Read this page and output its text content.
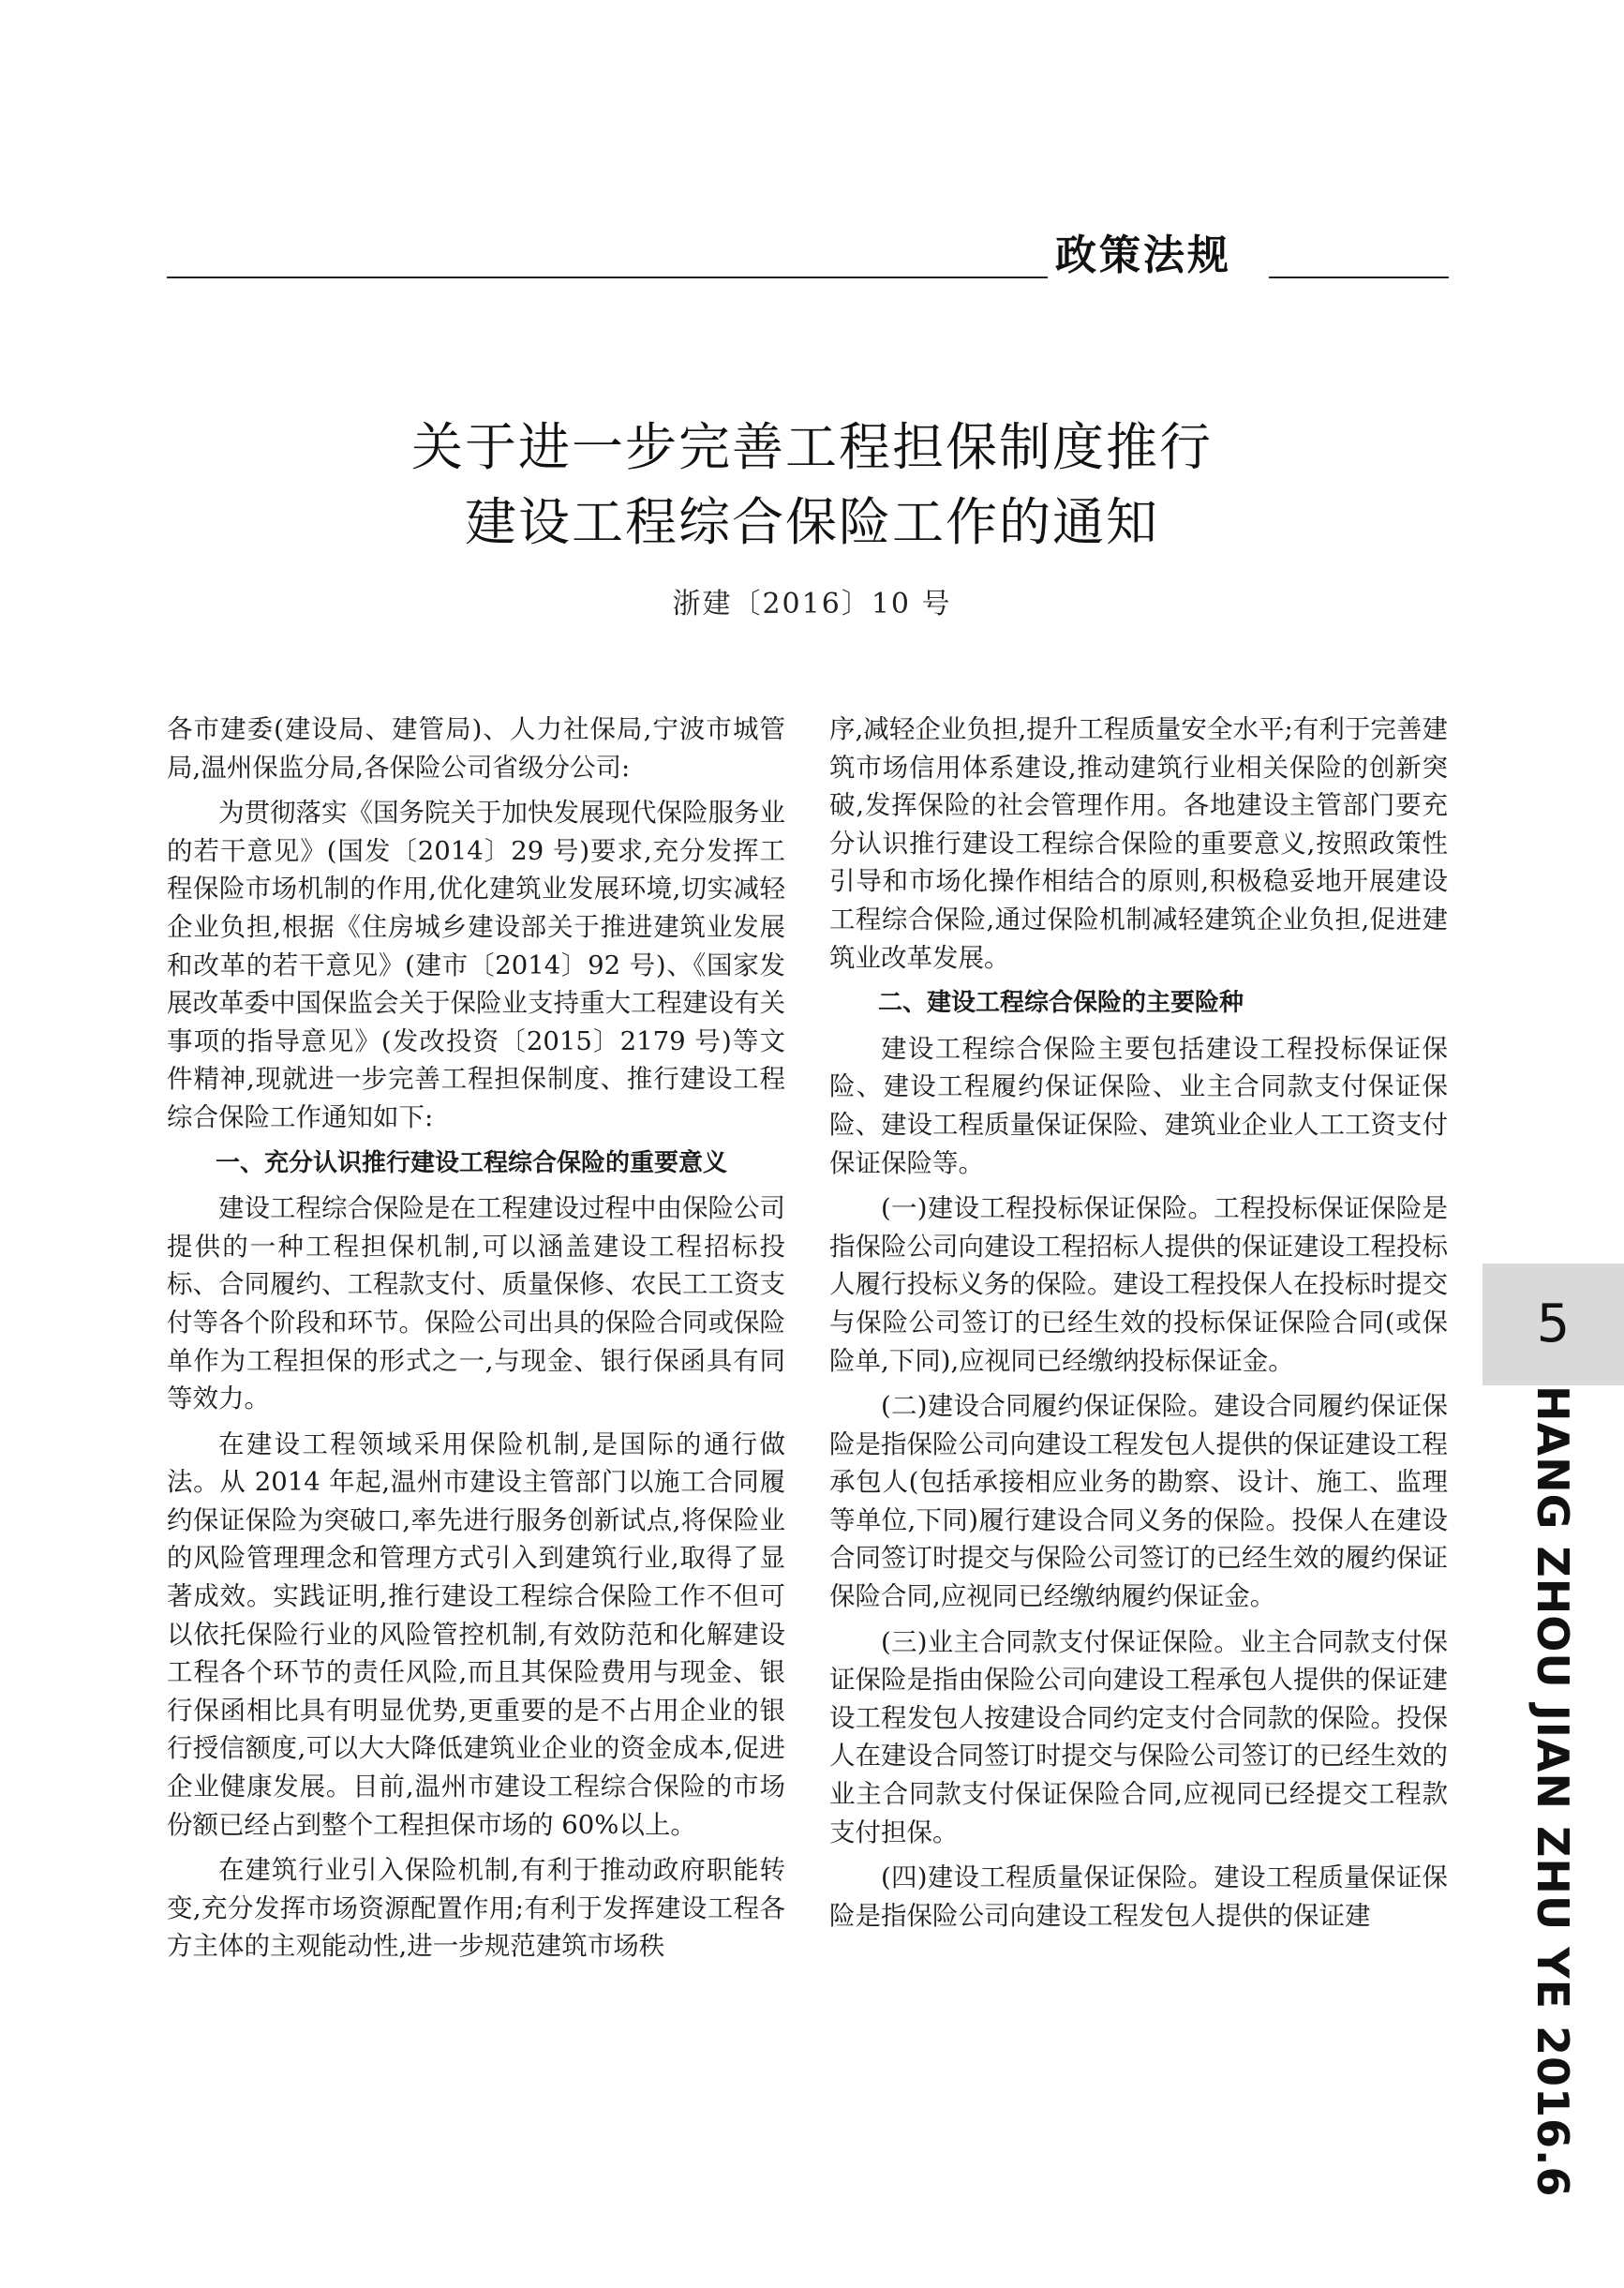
政策法规
关于进一步完善工程担保制度推行
建设工程综合保险工作的通知
浙建〔2016〕10 号

各市建委(建设局、建管局)、人力社保局,宁波市城管局,温州保监分局,各保险公司省级分公司:

为贯彻落实《国务院关于加快发展现代保险服务业的若干意见》(国发〔2014〕29 号)要求,充分发挥工程保险市场机制的作用,优化建筑业发展环境,切实减轻企业负担,根据《住房城乡建设部关于推进建筑业发展和改革的若干意见》(建市〔2014〕92 号)、《国家发展改革委中国保监会关于保险业支持重大工程建设有关事项的指导意见》(发改投资〔2015〕2179 号)等文件精神,现就进一步完善工程担保制度、推行建设工程综合保险工作通知如下:

一、充分认识推行建设工程综合保险的重要意义

建设工程综合保险是在工程建设过程中由保险公司提供的一种工程担保机制,可以涵盖建设工程招标投标、合同履约、工程款支付、质量保修、农民工工资支付等各个阶段和环节。保险公司出具的保险合同或保险单作为工程担保的形式之一,与现金、银行保函具有同等效力。

在建设工程领域采用保险机制,是国际的通行做法。从 2014 年起,温州市建设主管部门以施工合同履约保证保险为突破口,率先进行服务创新试点,将保险业的风险管理理念和管理方式引入到建筑行业,取得了显著成效。实践证明,推行建设工程综合保险工作不但可以依托保险行业的风险管控机制,有效防范和化解建设工程各个环节的责任风险,而且其保险费用与现金、银行保函相比具有明显优势,更重要的是不占用企业的银行授信额度,可以大大降低建筑业企业的资金成本,促进企业健康发展。目前,温州市建设工程综合保险的市场份额已经占到整个工程担保市场的 60%以上。

在建筑行业引入保险机制,有利于推动政府职能转变,充分发挥市场资源配置作用;有利于发挥建设工程各方主体的主观能动性,进一步规范建筑市场秩

序,减轻企业负担,提升工程质量安全水平;有利于完善建筑市场信用体系建设,推动建筑行业相关保险的创新突破,发挥保险的社会管理作用。各地建设主管部门要充分认识推行建设工程综合保险的重要意义,按照政策性引导和市场化操作相结合的原则,积极稳妥地开展建设工程综合保险,通过保险机制减轻建筑企业负担,促进建筑业改革发展。

二、建设工程综合保险的主要险种

建设工程综合保险主要包括建设工程投标保证保险、建设工程履约保证保险、业主合同款支付保证保险、建设工程质量保证保险、建筑业企业人工工资支付保证保险等。

(一)建设工程投标保证保险。工程投标保证保险是指保险公司向建设工程招标人提供的保证建设工程投标人履行投标义务的保险。建设工程投保人在投标时提交与保险公司签订的已经生效的投标保证保险合同(或保险单,下同),应视同已经缴纳投标保证金。

(二)建设合同履约保证保险。建设合同履约保证保险是指保险公司向建设工程发包人提供的保证建设工程承包人(包括承接相应业务的勘察、设计、施工、监理等单位,下同)履行建设合同义务的保险。投保人在建设合同签订时提交与保险公司签订的已经生效的履约保证保险合同,应视同已经缴纳履约保证金。

(三)业主合同款支付保证保险。业主合同款支付保证保险是指由保险公司向建设工程承包人提供的保证建设工程发包人按建设合同约定支付合同款的保险。投保人在建设合同签订时提交与保险公司签订的已经生效的业主合同款支付保证保险合同,应视同已经提交工程款支付担保。

(四)建设工程质量保证保险。建设工程质量保证保险是指保险公司向建设工程发包人提供的保证建

5
HANG ZHOU JIAN ZHU YE 2016.6
